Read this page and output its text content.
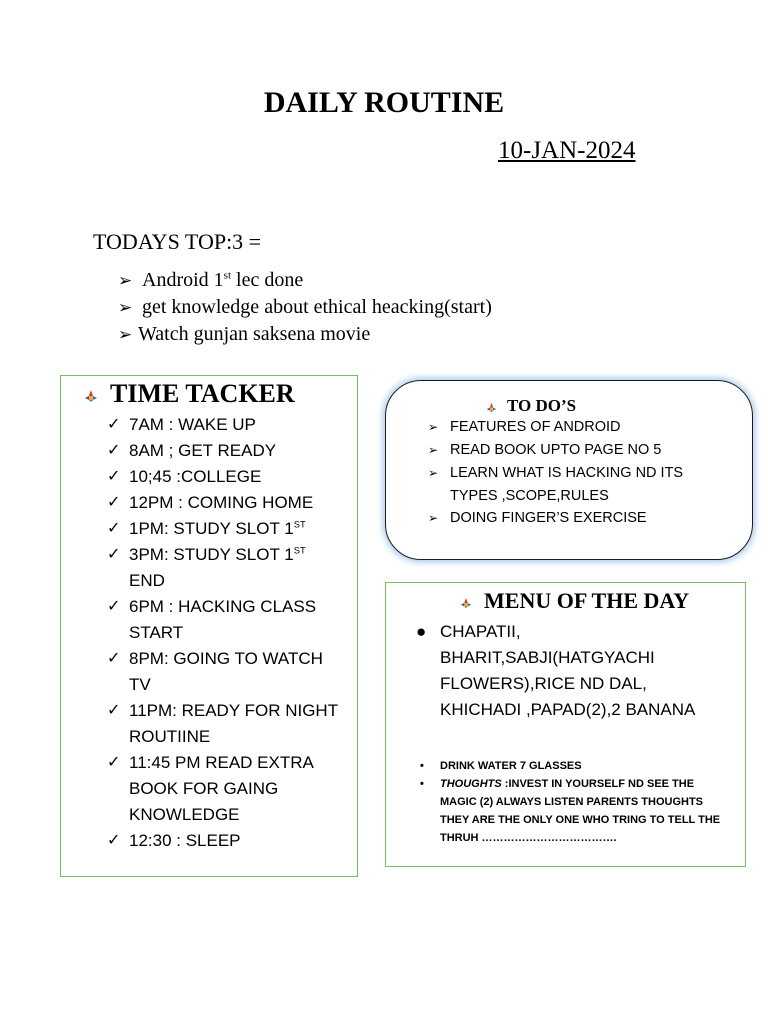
DAILY ROUTINE
10-JAN-2024
TODAYS TOP:3 =
➢ Android 1st lec done
➢ get knowledge about ethical heacking(start)
➢ Watch gunjan saksena movie
TIME TACKER
✓ 7AM : WAKE UP
✓ 8AM ; GET READY
✓ 10;45 :COLLEGE
✓ 12PM : COMING HOME
✓ 1PM: STUDY SLOT 1ST
✓ 3PM: STUDY SLOT 1ST END
✓ 6PM : HACKING CLASS START
✓ 8PM: GOING TO WATCH TV
✓ 11PM: READY FOR NIGHT ROUTIINE
✓ 11:45 PM READ EXTRA BOOK FOR GAING KNOWLEDGE
✓ 12:30 : SLEEP
TO DO’S
➢ FEATURES OF ANDROID
➢ READ BOOK UPTO PAGE NO 5
➢ LEARN WHAT IS HACKING ND ITS TYPES ,SCOPE,RULES
➢ DOING FINGER’S EXERCISE
MENU OF THE DAY
● CHAPATII, BHARIT,SABJI(HATGYACHI FLOWERS),RICE ND DAL, KHICHADI ,PAPAD(2),2 BANANA
• DRINK WATER 7 GLASSES
• THOUGHTS :INVEST IN YOURSELF ND SEE THE MAGIC (2) ALWAYS LISTEN PARENTS THOUGHTS THEY ARE THE ONLY ONE WHO TRING TO TELL THE THRUH ……………………………….
